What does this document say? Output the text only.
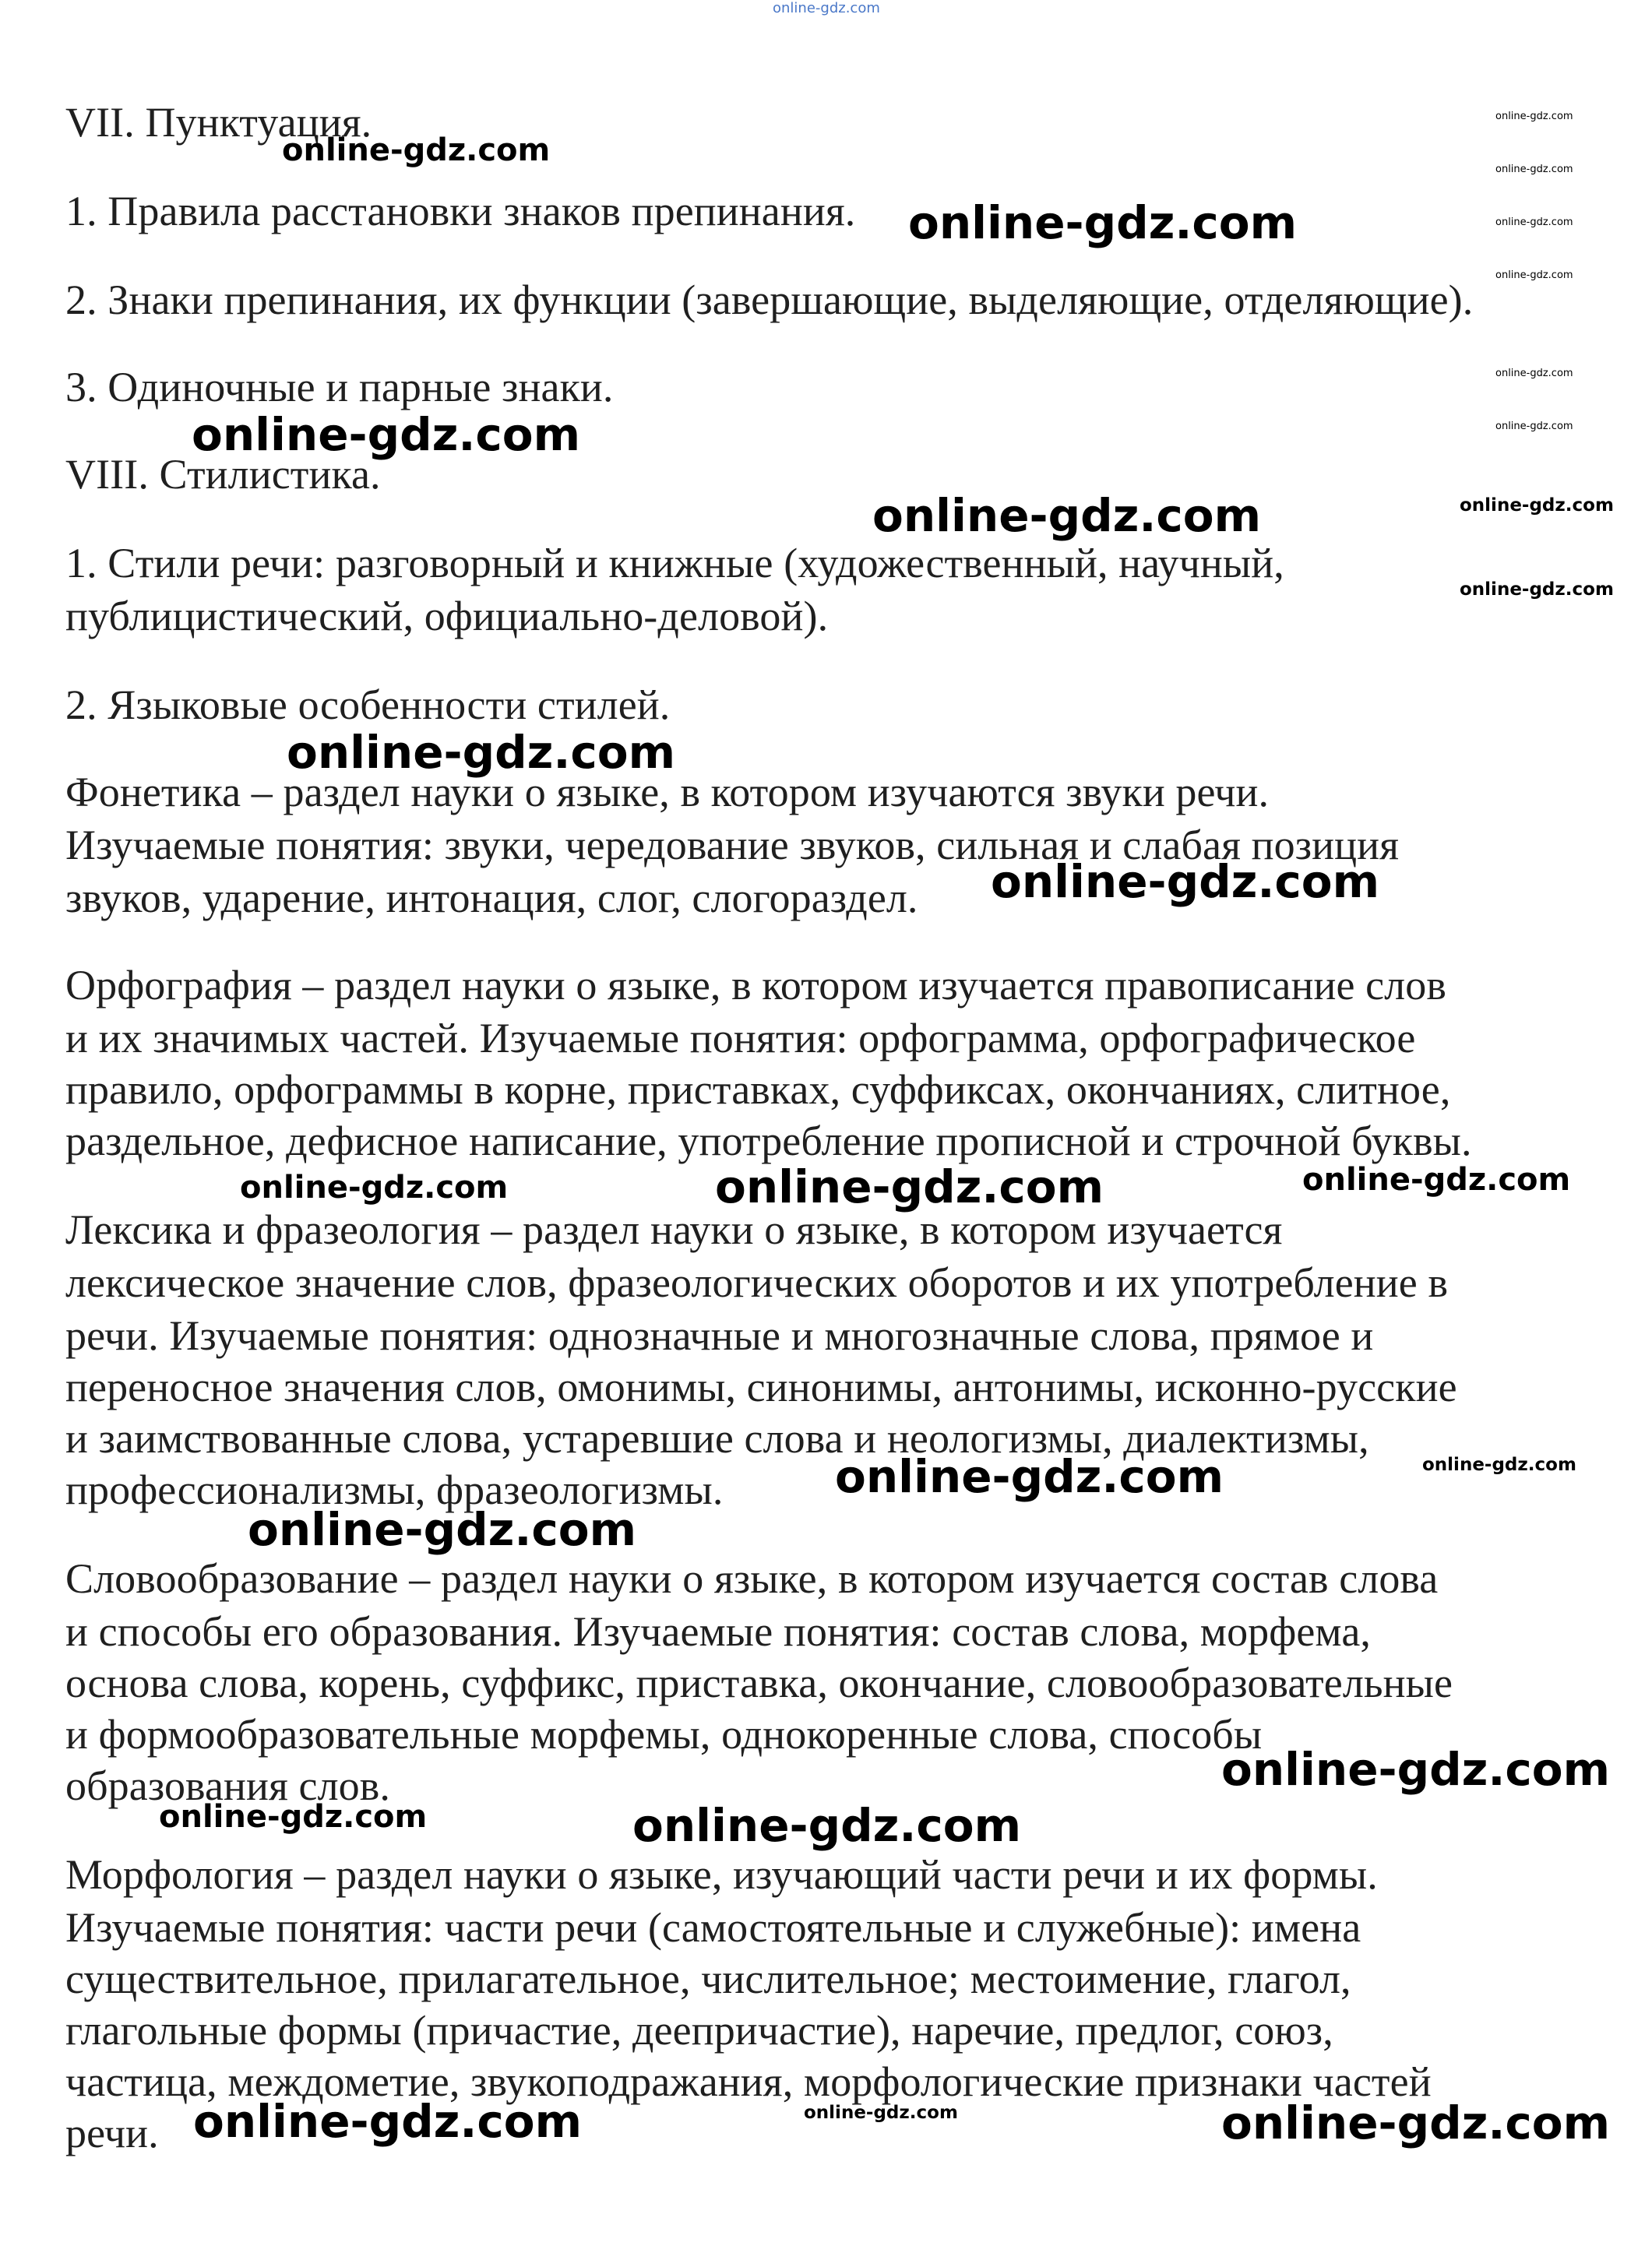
online-gdz.com
VII. Пунктуация.
1. Правила расстановки знаков препинания.
2. Знаки препинания, их функции (завершающие, выделяющие, отделяющие).
3. Одиночные и парные знаки.
VIII. Стилистика.
1. Стили речи: разговорный и книжные (художественный, научный,
публицистический, официально-деловой).
2. Языковые особенности стилей.
Фонетика – раздел науки о языке, в котором изучаются звуки речи.
Изучаемые понятия: звуки, чередование звуков, сильная и слабая позиция
звуков, ударение, интонация, слог, слогораздел.
Орфография – раздел науки о языке, в котором изучается правописание слов
и их значимых частей. Изучаемые понятия: орфограмма, орфографическое
правило, орфограммы в корне, приставках, суффиксах, окончаниях, слитное,
раздельное, дефисное написание, употребление прописной и строчной буквы.
Лексика и фразеология – раздел науки о языке, в котором изучается
лексическое значение слов, фразеологических оборотов и их употребление в
речи. Изучаемые понятия: однозначные и многозначные слова, прямое и
переносное значения слов, омонимы, синонимы, антонимы, исконно-русские
и заимствованные слова, устаревшие слова и неологизмы, диалектизмы,
профессионализмы, фразеологизмы.
Словообразование – раздел науки о языке, в котором изучается состав слова
и способы его образования. Изучаемые понятия: состав слова, морфема,
основа слова, корень, суффикс, приставка, окончание, словообразовательные
и формообразовательные морфемы, однокоренные слова, способы
образования слов.
Морфология – раздел науки о языке, изучающий части речи и их формы.
Изучаемые понятия: части речи (самостоятельные и служебные): имена
существительное, прилагательное, числительное; местоимение, глагол,
глагольные формы (причастие, деепричастие), наречие, предлог, союз,
частица, междометие, звукоподражания, морфологические признаки частей
речи.
online-gdz.com
online-gdz.com
online-gdz.com
online-gdz.com
online-gdz.com
online-gdz.com
online-gdz.com	online-gdz.com	online-gdz.com
online-gdz.com	online-gdz.com
online-gdz.com
online-gdz.com
online-gdz.com	online-gdz.com
online-gdz.com
online-gdz.com	online-gdz.com
online-gdz.com
online-gdz.com
online-gdz.com
online-gdz.com
online-gdz.com
online-gdz.com
online-gdz.com
online-gdz.com
